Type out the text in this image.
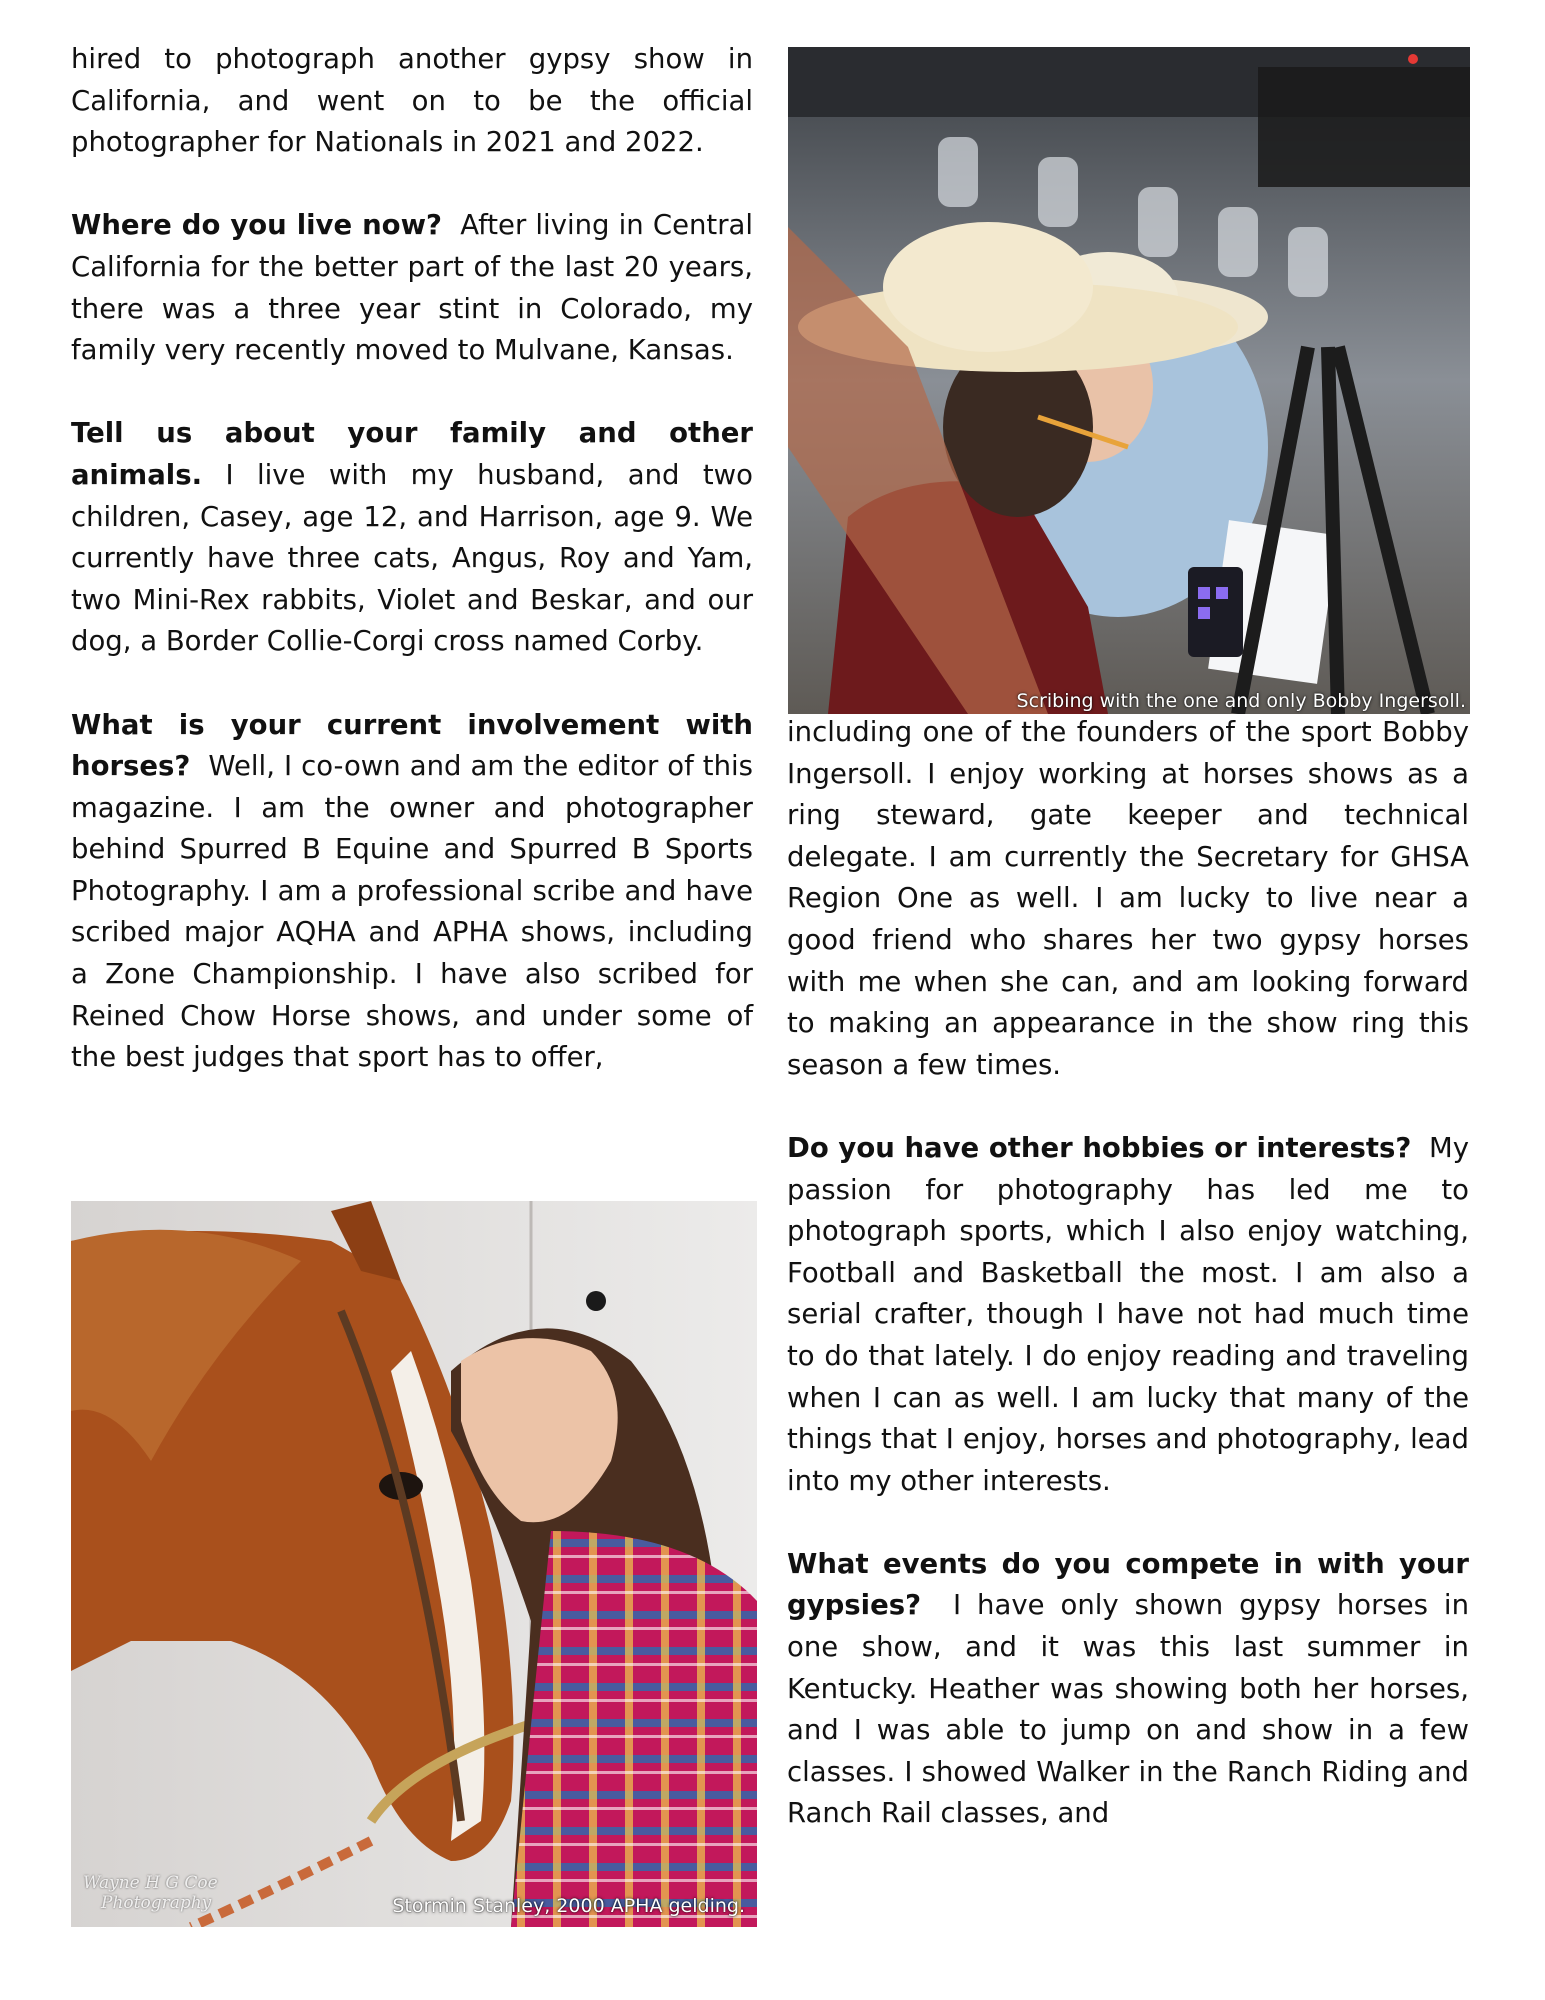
hired to photograph another gypsy show in California, and went on to be the official photographer for Nationals in 2021 and 2022.

Where do you live now? After living in Central California for the better part of the last 20 years, there was a three year stint in Colorado, my family very recently moved to Mulvane, Kansas.

Tell us about your family and other animals. I live with my husband, and two children, Casey, age 12, and Harrison, age 9. We currently have three cats, Angus, Roy and Yam, two Mini-Rex rabbits, Violet and Beskar, and our dog, a Border Collie-Corgi cross named Corby.

What is your current involvement with horses? Well, I co-own and am the editor of this magazine. I am the owner and photographer behind Spurred B Equine and Spurred B Sports Photography. I am a professional scribe and have scribed major AQHA and APHA shows, including a Zone Championship. I have also scribed for Reined Chow Horse shows, and under some of the best judges that sport has to offer,

Scribing with the one and only Bobby Ingersoll.

including one of the founders of the sport Bobby Ingersoll. I enjoy working at horses shows as a ring steward, gate keeper and technical delegate. I am currently the Secretary for GHSA Region One as well. I am lucky to live near a good friend who shares her two gypsy horses with me when she can, and am looking forward to making an appearance in the show ring this season a few times.

Do you have other hobbies or interests? My passion for photography has led me to photograph sports, which I also enjoy watching, Football and Basketball the most. I am also a serial crafter, though I have not had much time to do that lately. I do enjoy reading and traveling when I can as well. I am lucky that many of the things that I enjoy, horses and photography, lead into my other interests.

What events do you compete in with your gypsies? I have only shown gypsy horses in one show, and it was this last summer in Kentucky. Heather was showing both her horses, and I was able to jump on and show in a few classes. I showed Walker in the Ranch Riding and Ranch Rail classes, and

Wayne H G Coe
Photography	Stormin Stanley, 2000 APHA gelding.
